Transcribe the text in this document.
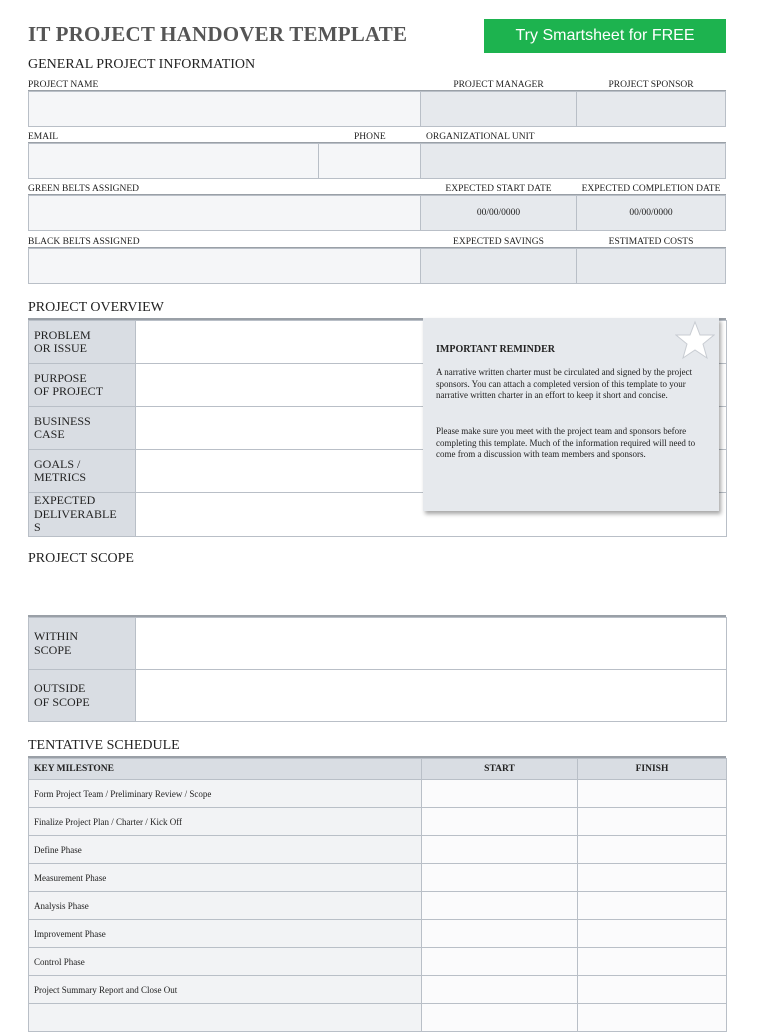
IT PROJECT HANDOVER TEMPLATE	Try Smartsheet for FREE
GENERAL PROJECT INFORMATION
PROJECT NAME	PROJECT MANAGER	PROJECT SPONSOR
EMAIL	PHONE	ORGANIZATIONAL UNIT
GREEN BELTS ASSIGNED	EXPECTED START DATE	EXPECTED COMPLETION DATE
00/00/0000	00/00/0000
BLACK BELTS ASSIGNED	EXPECTED SAVINGS	ESTIMATED COSTS
PROJECT OVERVIEW
PROBLEM
OR ISSUE	
PURPOSE
OF PROJECT	
BUSINESS
CASE	
GOALS /
METRICS	
EXPECTED
DELIVERABLE
S	
IMPORTANT REMINDER
A narrative written charter must be circulated and signed by the project sponsors. You can attach a completed version of this template to your narrative written charter in an effort to keep it short and concise.
Please make sure you meet with the project team and sponsors before completing this template. Much of the information required will need to come from a discussion with team members and sponsors.
PROJECT SCOPE
WITHIN
SCOPE	
OUTSIDE
OF SCOPE	
TENTATIVE SCHEDULE
KEY MILESTONE	START	FINISH
Form Project Team / Preliminary Review / Scope		
Finalize Project Plan / Charter / Kick Off		
Define Phase		
Measurement Phase		
Analysis Phase		
Improvement Phase		
Control Phase		
Project Summary Report and Close Out		
